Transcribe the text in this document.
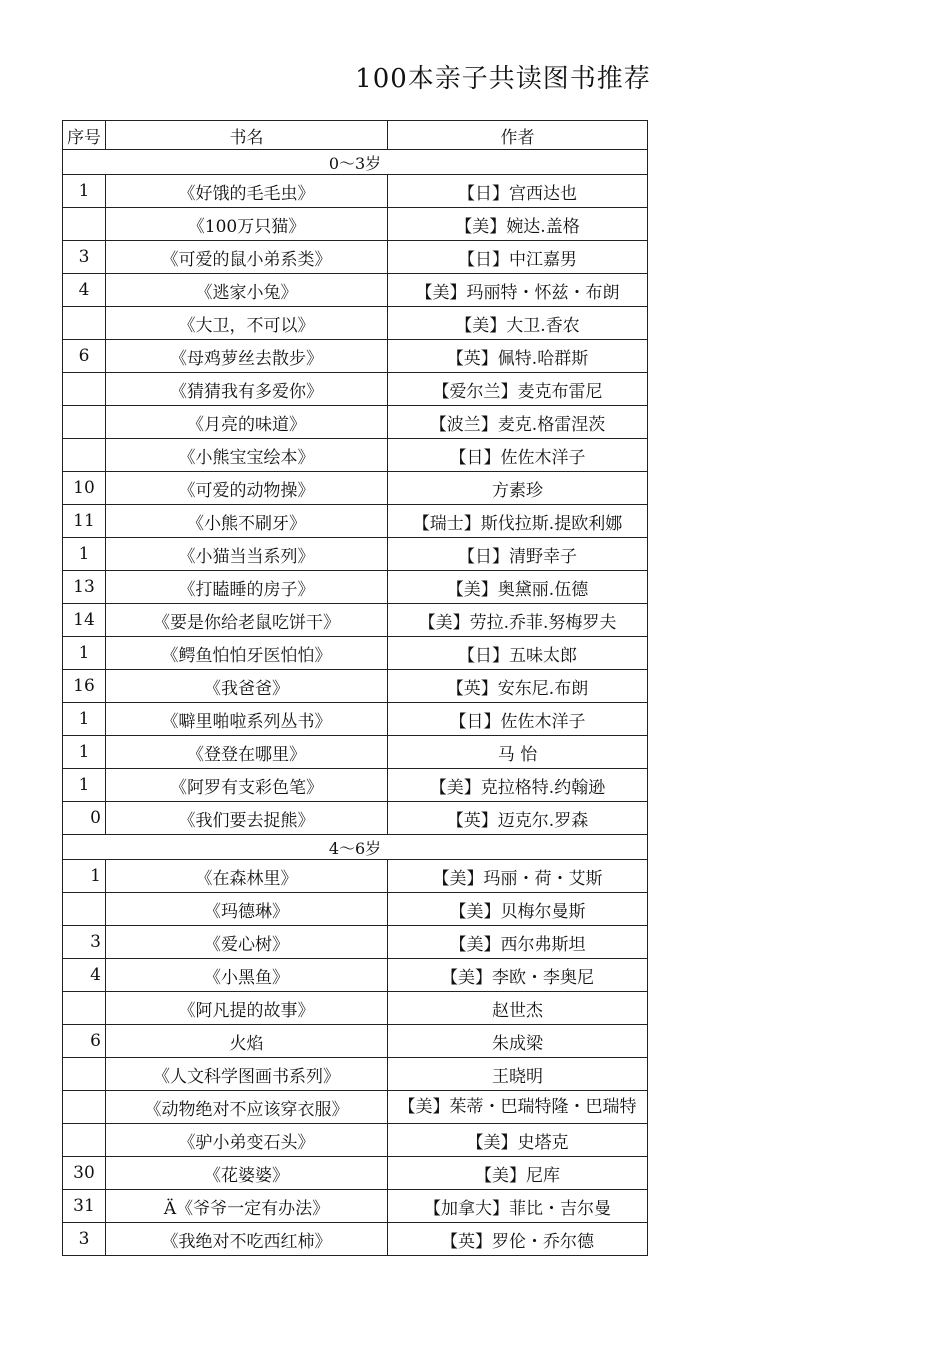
100本亲子共读图书推荐
序号	书名	作者
0～3岁		
1	《好饿的毛毛虫》	【日】宫西达也
	《100万只猫》	【美】婉达.盖格
3	《可爱的鼠小弟系类》	【日】中江嘉男
4	《逃家小兔》	【美】玛丽特・怀兹・布朗
	《大卫，不可以》	【美】大卫.香农
6	《母鸡萝丝去散步》	【英】佩特.哈群斯
	《猜猜我有多爱你》	【爱尔兰】麦克布雷尼
	《月亮的味道》	【波兰】麦克.格雷涅茨
	《小熊宝宝绘本》	【日】佐佐木洋子
10	《可爱的动物操》	方素珍
11	《小熊不刷牙》	【瑞士】斯伐拉斯.提欧利娜
1	《小猫当当系列》	【日】清野幸子
13	《打瞌睡的房子》	【美】奥黛丽.伍德
14	《要是你给老鼠吃饼干》	【美】劳拉.乔菲.努梅罗夫
1	《鳄鱼怕怕牙医怕怕》	【日】五味太郎
16	《我爸爸》	【英】安东尼.布朗
1	《噼里啪啦系列丛书》	【日】佐佐木洋子
1	《登登在哪里》	马 怡
1	《阿罗有支彩色笔》	【美】克拉格特.约翰逊
0	《我们要去捉熊》	【英】迈克尔.罗森
4～6岁		
1	《在森林里》	【美】玛丽・荷・艾斯
	《玛德琳》	【美】贝梅尔曼斯
3	《爱心树》	【美】西尔弗斯坦
4	《小黑鱼》	【美】李欧・李奥尼
	《阿凡提的故事》	赵世杰
6	火焰	朱成梁
	《人文科学图画书系列》	王晓明
	《动物绝对不应该穿衣服》	【美】茱蒂・巴瑞特隆・巴瑞特
	《驴小弟变石头》	【美】史塔克
30	《花婆婆》	【美】尼库
31	Ä《爷爷一定有办法》	【加拿大】菲比・吉尔曼
3	《我绝对不吃西红柿》	【英】罗伦・乔尔德
